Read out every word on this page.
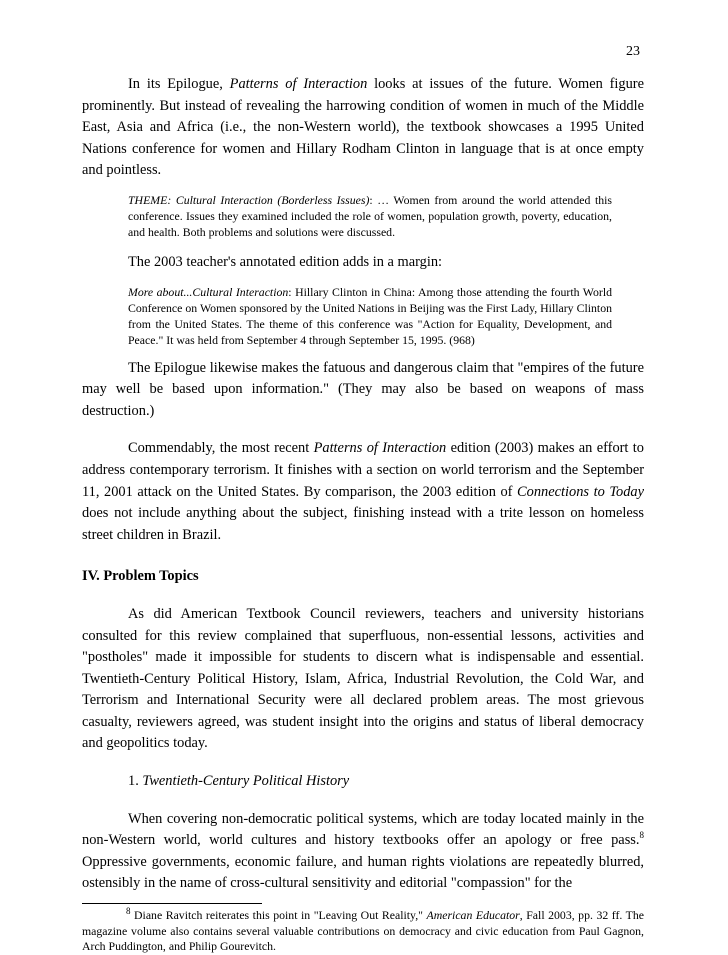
23

In its Epilogue, Patterns of Interaction looks at issues of the future. Women figure prominently. But instead of revealing the harrowing condition of women in much of the Middle East, Asia and Africa (i.e., the non-Western world), the textbook showcases a 1995 United Nations conference for women and Hillary Rodham Clinton in language that is at once empty and pointless.

THEME: Cultural Interaction (Borderless Issues): … Women from around the world attended this conference. Issues they examined included the role of women, population growth, poverty, education, and health. Both problems and solutions were discussed.

The 2003 teacher's annotated edition adds in a margin:

More about...Cultural Interaction: Hillary Clinton in China: Among those attending the fourth World Conference on Women sponsored by the United Nations in Beijing was the First Lady, Hillary Clinton from the United States. The theme of this conference was "Action for Equality, Development, and Peace." It was held from September 4 through September 15, 1995. (968)

The Epilogue likewise makes the fatuous and dangerous claim that "empires of the future may well be based upon information." (They may also be based on weapons of mass destruction.)

Commendably, the most recent Patterns of Interaction edition (2003) makes an effort to address contemporary terrorism. It finishes with a section on world terrorism and the September 11, 2001 attack on the United States. By comparison, the 2003 edition of Connections to Today does not include anything about the subject, finishing instead with a trite lesson on homeless street children in Brazil.

IV. Problem Topics

As did American Textbook Council reviewers, teachers and university historians consulted for this review complained that superfluous, non-essential lessons, activities and "postholes" made it impossible for students to discern what is indispensable and essential. Twentieth-Century Political History, Islam, Africa, Industrial Revolution, the Cold War, and Terrorism and International Security were all declared problem areas. The most grievous casualty, reviewers agreed, was student insight into the origins and status of liberal democracy and geopolitics today.

1. Twentieth-Century Political History

When covering non-democratic political systems, which are today located mainly in the non-Western world, world cultures and history textbooks offer an apology or free pass.$^8$ Oppressive governments, economic failure, and human rights violations are repeatedly blurred, ostensibly in the name of cross-cultural sensitivity and editorial "compassion" for the

$^8$ Diane Ravitch reiterates this point in "Leaving Out Reality," American Educator, Fall 2003, pp. 32 ff. The magazine volume also contains several valuable contributions on democracy and civic education from Paul Gagnon, Arch Puddington, and Philip Gourevitch.
